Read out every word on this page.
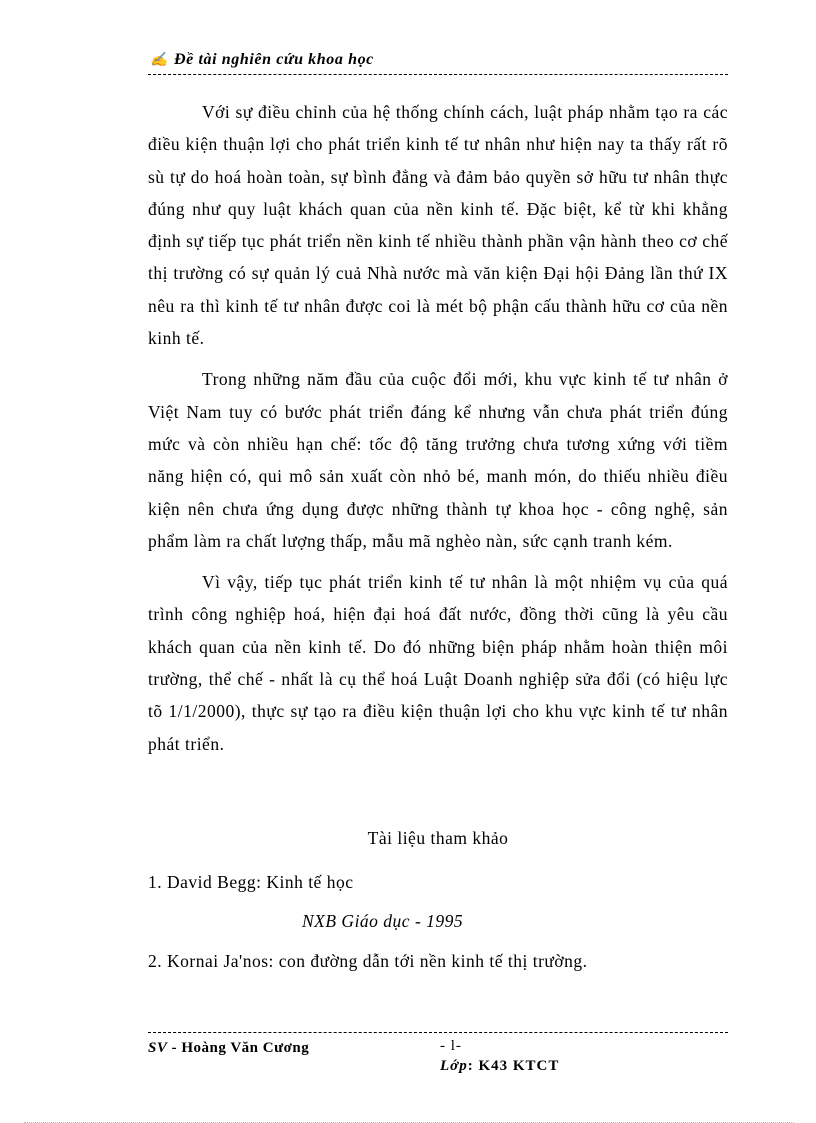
✍ Đề tài nghiên cứu khoa học

Với sự điều chỉnh của hệ thống chính cách, luật pháp nhằm tạo ra các điều kiện thuận lợi cho phát triển kinh tế tư nhân như hiện nay ta thấy rất rõ sù tự do hoá hoàn toàn, sự bình đẳng và đảm bảo quyền sở hữu tư nhân thực đúng như quy luật khách quan của nền kinh tế. Đặc biệt, kể từ khi khẳng định sự tiếp tục phát triển nền kinh tế nhiều thành phần vận hành theo cơ chế thị trường có sự quản lý cuả Nhà nước mà văn kiện Đại hội Đảng lần thứ IX nêu ra thì kinh tế tư nhân được coi là mét bộ phận cấu thành hữu cơ của nền kinh tế.

Trong những năm đầu của cuộc đổi mới, khu vực kinh tế tư nhân ở Việt Nam tuy có bước phát triển đáng kể nhưng vẫn chưa phát triển đúng mức và còn nhiều hạn chế: tốc độ tăng trưởng chưa tương xứng với tiềm năng hiện có, qui mô sản xuất còn nhỏ bé, manh món, do thiếu nhiều điều kiện nên chưa ứng dụng được những thành tự khoa học - công nghệ, sản phẩm làm ra chất lượng thấp, mẫu mã nghèo nàn, sức cạnh tranh kém.

Vì vậy, tiếp tục phát triển kinh tế tư nhân là một nhiệm vụ của quá trình công nghiệp hoá, hiện đại hoá đất nước, đồng thời cũng là yêu cầu khách quan của nền kinh tế. Do đó những biện pháp nhằm hoàn thiện môi trường, thể chế - nhất là cụ thể hoá Luật Doanh nghiệp sửa đổi (có hiệu lực tõ 1/1/2000), thực sự tạo ra điều kiện thuận lợi cho khu vực kinh tế tư nhân phát triển.

Tài liệu tham khảo
1. David Begg: Kinh tế học
NXB Giáo dục - 1995
2. Kornai Ja'nos: con đường dẫn tới nền kinh tế thị trường.
SV - Hoàng Văn Cương	- l-
Lớp: K43 KTCT
